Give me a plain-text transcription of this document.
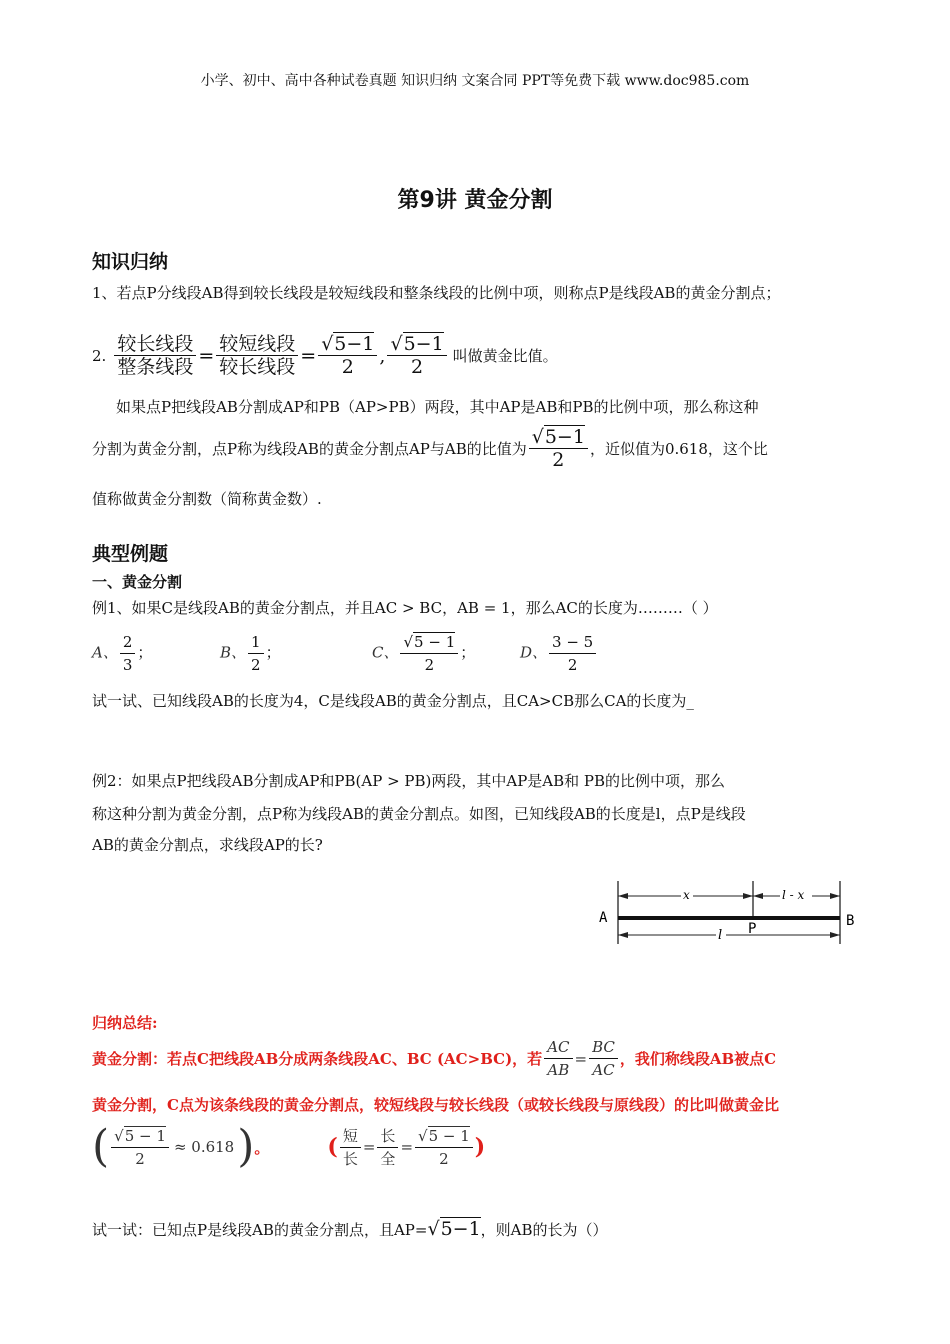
小学、初中、高中各种试卷真题 知识归纳 文案合同 PPT等免费下载 www.doc985.com
第9讲 黄金分割
知识归纳
1、若点P分线段AB得到较长线段是较短线段和整条线段的比例中项，则称点P是线段AB的黄金分割点；
2. $\frac{\text{较长线段}}{\text{整条线段}} = \frac{\text{较短线段}}{\text{较长线段}} = \frac{√5-1}{2}$ , $\frac{√5-1}{2}$ 叫做黄金比值。
如果点P把线段AB分割成AP和PB（AP>PB）两段，其中AP是AB和PB的比例中项，那么称这种
分割为黄金分割，点P称为线段AB的黄金分割点AP与AB的比值为 $\frac{√5-1}{2}$ ，近似值为0.618，这个比
值称做黄金分割数（简称黄金数）.
典型例题
一、黄金分割
例1、如果C是线段AB的黄金分割点，并且AC > BC，AB = 1，那么AC的长度为………（ ）
A、 $\frac{2}{3}$ ；	B、 $\frac{1}{2}$ ；	C、 $\frac{√5 - 1}{2}$ ；	D、 $\frac{3 - 5}{2}$
试一试、已知线段AB的长度为4，C是线段AB的黄金分割点，且CA>CB那么CA的长度为_
例2：如果点P把线段AB分割成AP和PB(AP > PB)两段，其中AP是AB和 PB的比例中项，那么
称这种分割为黄金分割，点P称为线段AB的黄金分割点。如图，已知线段AB的长度是l，点P是线段
AB的黄金分割点，求线段AP的长?
x	l - x
l
A	B
P
归纳总结:
黄金分割：若点C把线段AB分成两条线段AC、BC (AC>BC)，若 $\frac{AC}{AB} = \frac{BC}{AC}$ ，我们称线段AB被点C
黄金分割，C点为该条线段的黄金分割点，较短线段与较长线段（或较长线段与原线段）的比叫做黄金比
( $\frac{√5 - 1}{2} \approx 0.618$ ) 。	( $\frac{\text{短}}{\text{长}} = \frac{\text{长}}{\text{全}} = \frac{√5 - 1}{2}$ )
试一试：已知点P是线段AB的黄金分割点，且AP= √5−1 ，则AB的长为（）
